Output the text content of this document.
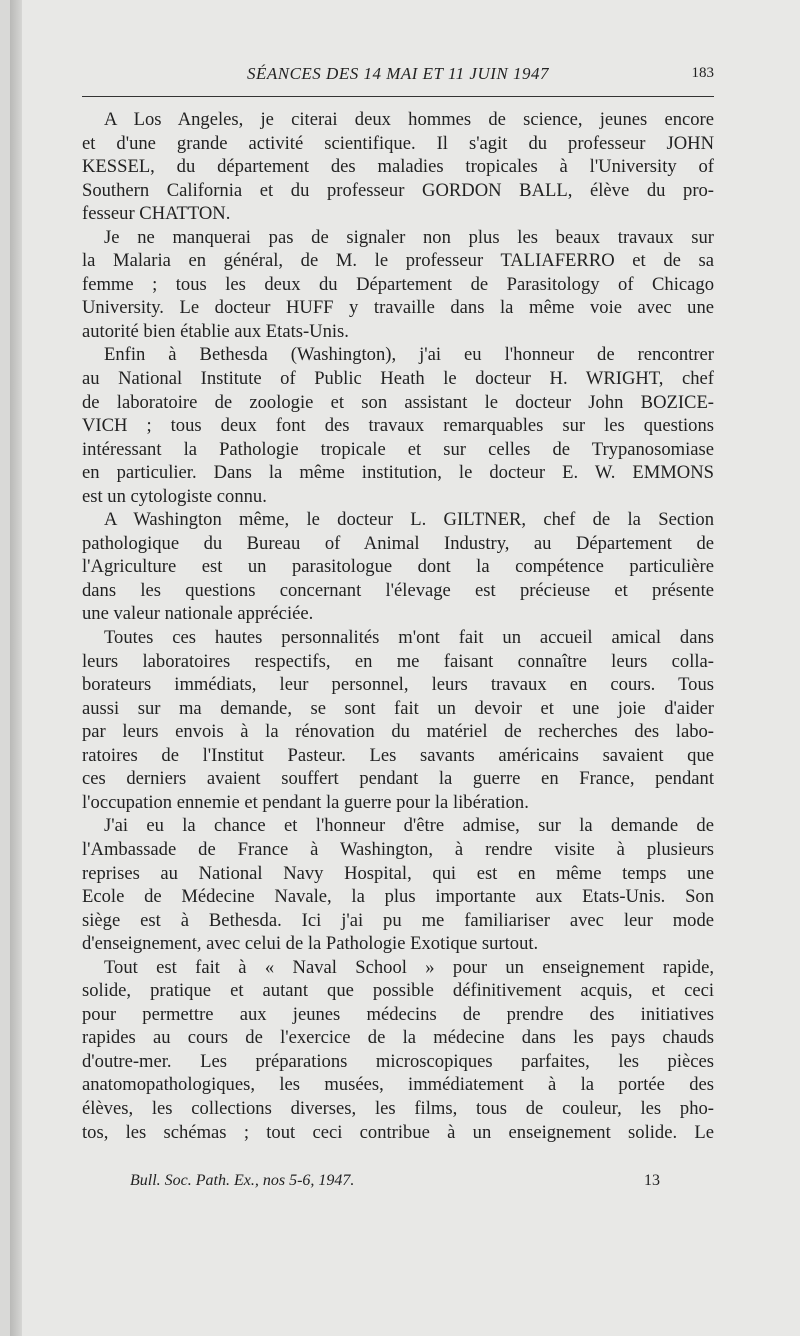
SÉANCES DES 14 MAI ET 11 JUIN 1947	183
A Los Angeles, je citerai deux hommes de science, jeunes encore
et d'une grande activité scientifique. Il s'agit du professeur JOHN
KESSEL, du département des maladies tropicales à l'University of
Southern California et du professeur GORDON BALL, élève du pro-
fesseur CHATTON.
Je ne manquerai pas de signaler non plus les beaux travaux sur
la Malaria en général, de M. le professeur TALIAFERRO et de sa
femme ; tous les deux du Département de Parasitology of Chicago
University. Le docteur HUFF y travaille dans la même voie avec une
autorité bien établie aux Etats-Unis.
Enfin à Bethesda (Washington), j'ai eu l'honneur de rencontrer
au National Institute of Public Heath le docteur H. WRIGHT, chef
de laboratoire de zoologie et son assistant le docteur John BOZICE-
VICH ; tous deux font des travaux remarquables sur les questions
intéressant la Pathologie tropicale et sur celles de Trypanosomiase
en particulier. Dans la même institution, le docteur E. W. EMMONS
est un cytologiste connu.
A Washington même, le docteur L. GILTNER, chef de la Section
pathologique du Bureau of Animal Industry, au Département de
l'Agriculture est un parasitologue dont la compétence particulière
dans les questions concernant l'élevage est précieuse et présente
une valeur nationale appréciée.
Toutes ces hautes personnalités m'ont fait un accueil amical dans
leurs laboratoires respectifs, en me faisant connaître leurs colla-
borateurs immédiats, leur personnel, leurs travaux en cours. Tous
aussi sur ma demande, se sont fait un devoir et une joie d'aider
par leurs envois à la rénovation du matériel de recherches des labo-
ratoires de l'Institut Pasteur. Les savants américains savaient que
ces derniers avaient souffert pendant la guerre en France, pendant
l'occupation ennemie et pendant la guerre pour la libération.
J'ai eu la chance et l'honneur d'être admise, sur la demande de
l'Ambassade de France à Washington, à rendre visite à plusieurs
reprises au National Navy Hospital, qui est en même temps une
Ecole de Médecine Navale, la plus importante aux Etats-Unis. Son
siège est à Bethesda. Ici j'ai pu me familiariser avec leur mode
d'enseignement, avec celui de la Pathologie Exotique surtout.
Tout est fait à « Naval School » pour un enseignement rapide,
solide, pratique et autant que possible définitivement acquis, et ceci
pour permettre aux jeunes médecins de prendre des initiatives
rapides au cours de l'exercice de la médecine dans les pays chauds
d'outre-mer. Les préparations microscopiques parfaites, les pièces
anatomopathologiques, les musées, immédiatement à la portée des
élèves, les collections diverses, les films, tous de couleur, les pho-
tos, les schémas ; tout ceci contribue à un enseignement solide. Le
Bull. Soc. Path. Ex., nos 5-6, 1947.	13
